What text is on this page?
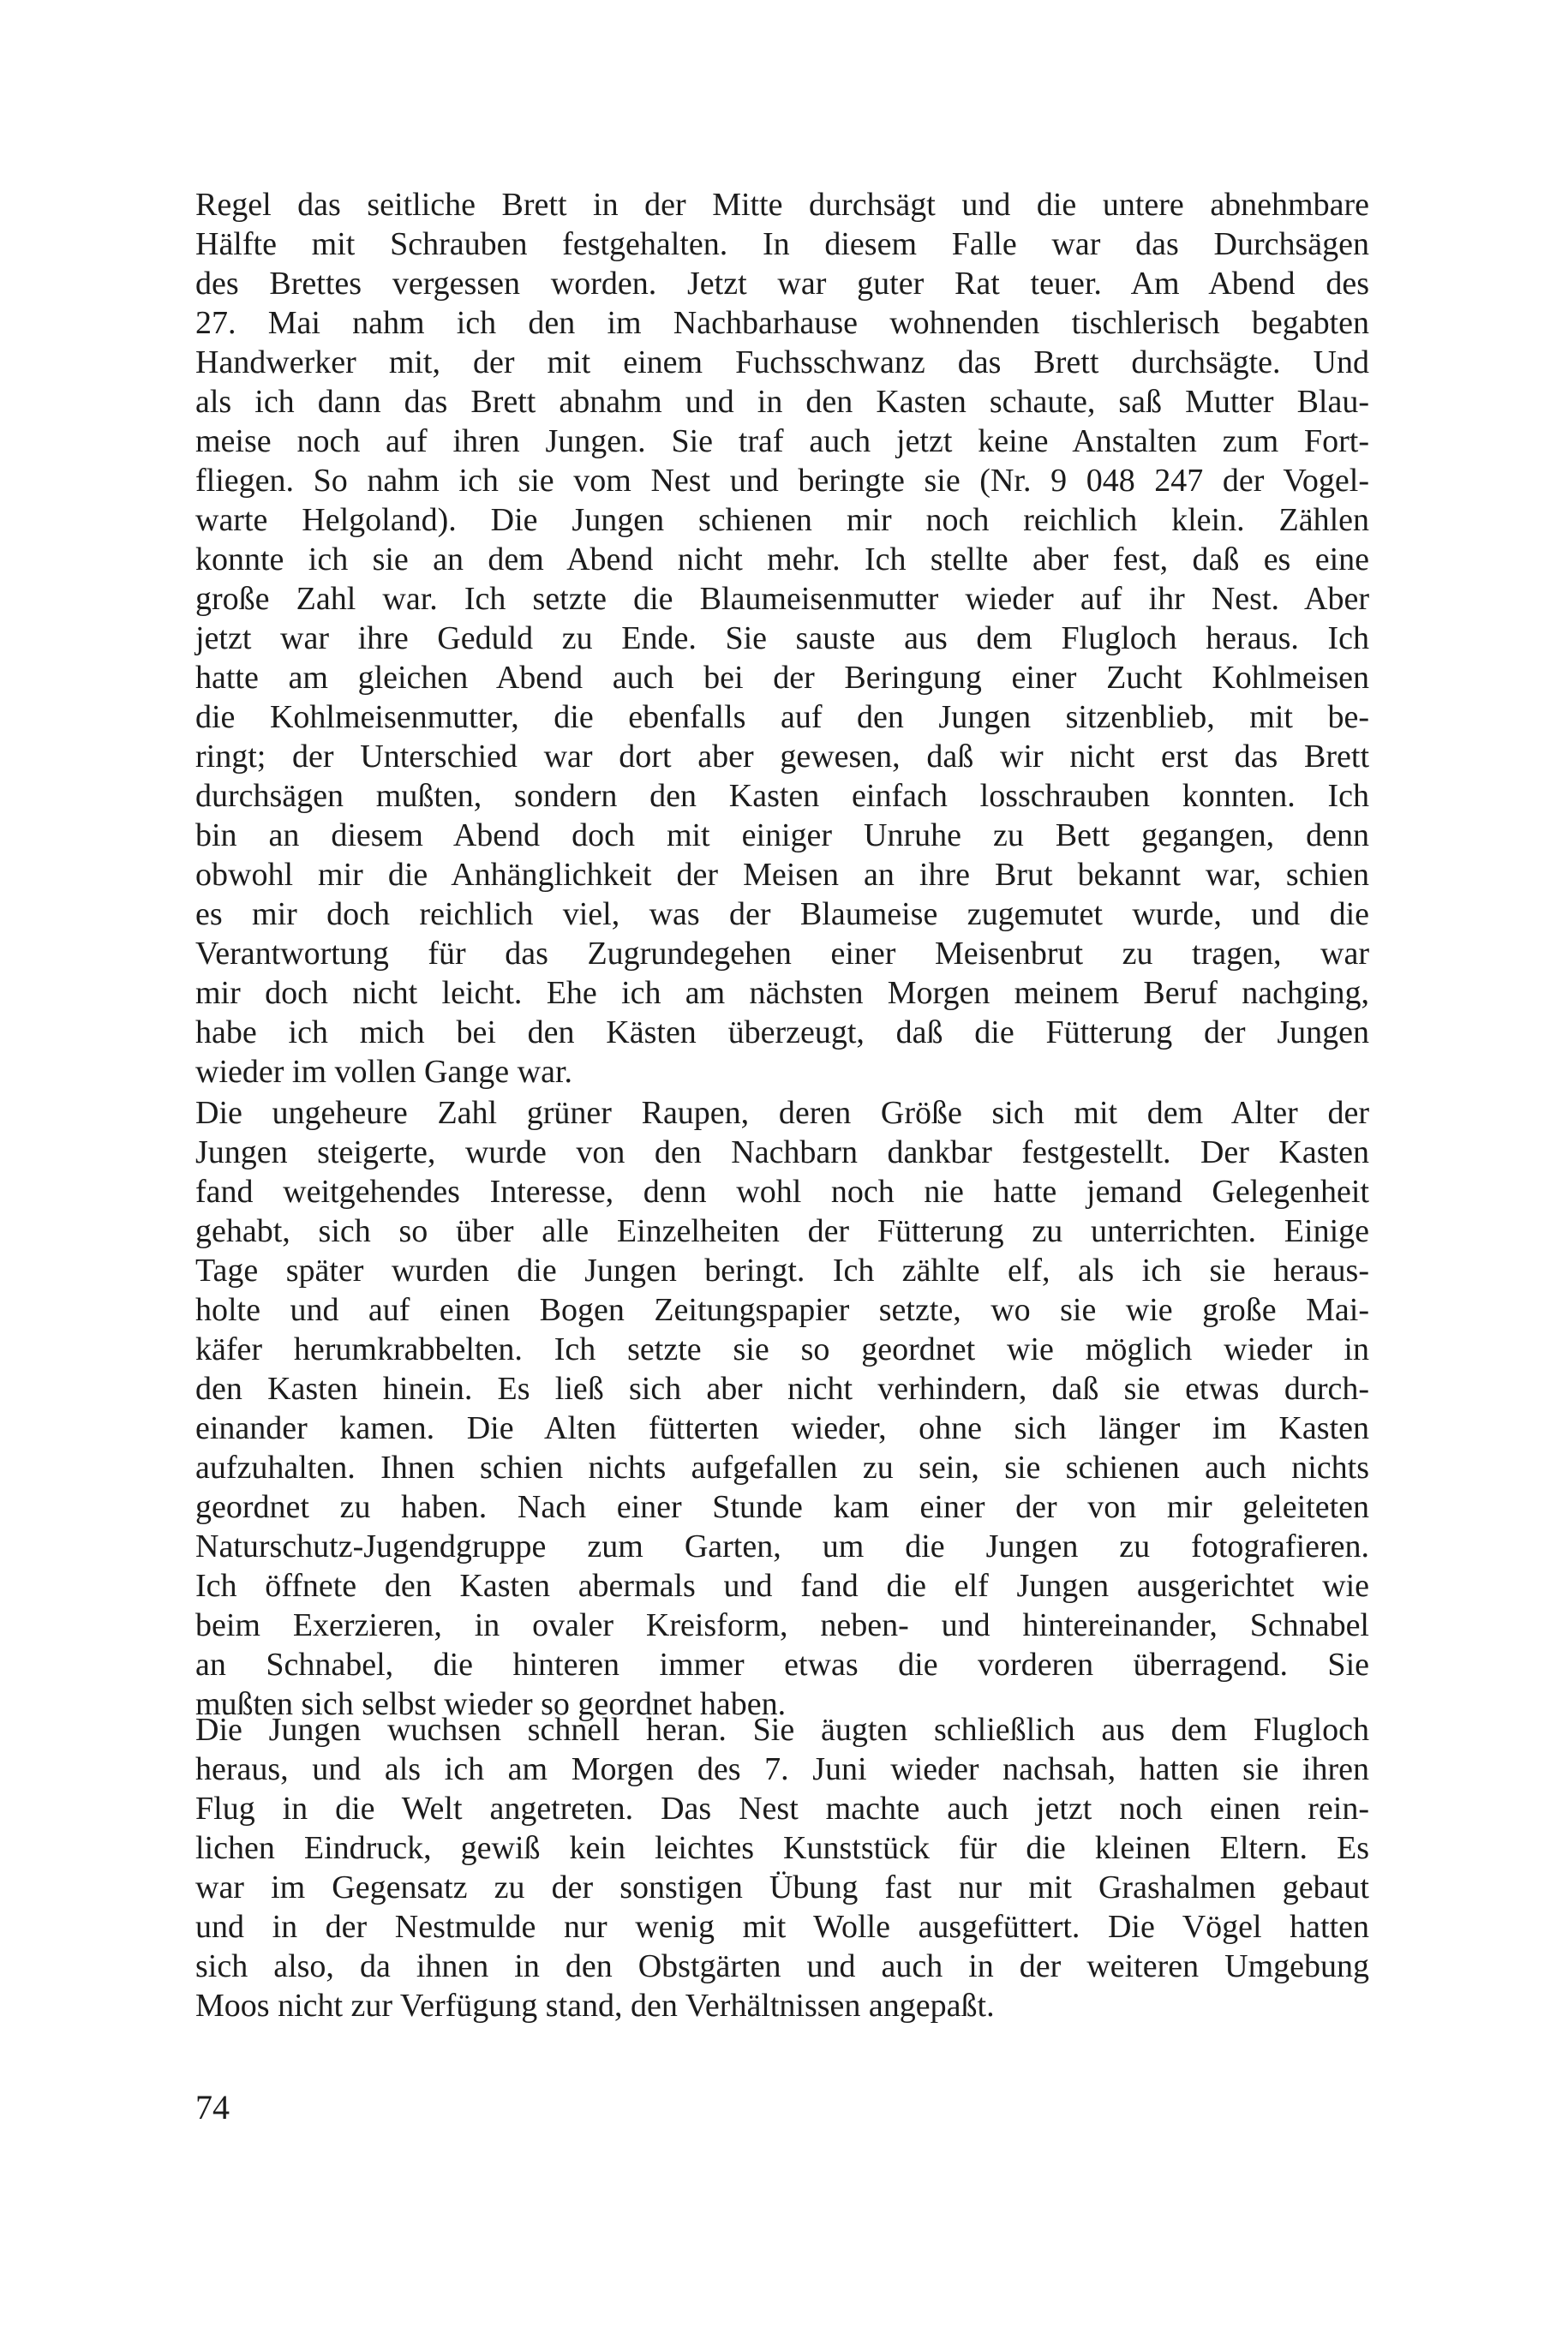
Regel das seitliche Brett in der Mitte durchsägt und die untere abnehmbare
Hälfte mit Schrauben festgehalten. In diesem Falle war das Durchsägen
des Brettes vergessen worden. Jetzt war guter Rat teuer. Am Abend des
27. Mai nahm ich den im Nachbarhause wohnenden tischlerisch begabten
Handwerker mit, der mit einem Fuchsschwanz das Brett durchsägte. Und
als ich dann das Brett abnahm und in den Kasten schaute, saß Mutter Blau-
meise noch auf ihren Jungen. Sie traf auch jetzt keine Anstalten zum Fort-
fliegen. So nahm ich sie vom Nest und beringte sie (Nr. 9 048 247 der Vogel-
warte Helgoland). Die Jungen schienen mir noch reichlich klein. Zählen
konnte ich sie an dem Abend nicht mehr. Ich stellte aber fest, daß es eine
große Zahl war. Ich setzte die Blaumeisenmutter wieder auf ihr Nest. Aber
jetzt war ihre Geduld zu Ende. Sie sauste aus dem Flugloch heraus. Ich
hatte am gleichen Abend auch bei der Beringung einer Zucht Kohlmeisen
die Kohlmeisenmutter, die ebenfalls auf den Jungen sitzenblieb, mit be-
ringt; der Unterschied war dort aber gewesen, daß wir nicht erst das Brett
durchsägen mußten, sondern den Kasten einfach losschrauben konnten. Ich
bin an diesem Abend doch mit einiger Unruhe zu Bett gegangen, denn
obwohl mir die Anhänglichkeit der Meisen an ihre Brut bekannt war, schien
es mir doch reichlich viel, was der Blaumeise zugemutet wurde, und die
Verantwortung für das Zugrundegehen einer Meisenbrut zu tragen, war
mir doch nicht leicht. Ehe ich am nächsten Morgen meinem Beruf nachging,
habe ich mich bei den Kästen überzeugt, daß die Fütterung der Jungen
wieder im vollen Gange war.
Die ungeheure Zahl grüner Raupen, deren Größe sich mit dem Alter der
Jungen steigerte, wurde von den Nachbarn dankbar festgestellt. Der Kasten
fand weitgehendes Interesse, denn wohl noch nie hatte jemand Gelegenheit
gehabt, sich so über alle Einzelheiten der Fütterung zu unterrichten. Einige
Tage später wurden die Jungen beringt. Ich zählte elf, als ich sie heraus-
holte und auf einen Bogen Zeitungspapier setzte, wo sie wie große Mai-
käfer herumkrabbelten. Ich setzte sie so geordnet wie möglich wieder in
den Kasten hinein. Es ließ sich aber nicht verhindern, daß sie etwas durch-
einander kamen. Die Alten fütterten wieder, ohne sich länger im Kasten
aufzuhalten. Ihnen schien nichts aufgefallen zu sein, sie schienen auch nichts
geordnet zu haben. Nach einer Stunde kam einer der von mir geleiteten
Naturschutz-Jugendgruppe zum Garten, um die Jungen zu fotografieren.
Ich öffnete den Kasten abermals und fand die elf Jungen ausgerichtet wie
beim Exerzieren, in ovaler Kreisform, neben- und hintereinander, Schnabel
an Schnabel, die hinteren immer etwas die vorderen überragend. Sie
mußten sich selbst wieder so geordnet haben.
Die Jungen wuchsen schnell heran. Sie äugten schließlich aus dem Flugloch
heraus, und als ich am Morgen des 7. Juni wieder nachsah, hatten sie ihren
Flug in die Welt angetreten. Das Nest machte auch jetzt noch einen rein-
lichen Eindruck, gewiß kein leichtes Kunststück für die kleinen Eltern. Es
war im Gegensatz zu der sonstigen Übung fast nur mit Grashalmen gebaut
und in der Nestmulde nur wenig mit Wolle ausgefüttert. Die Vögel hatten
sich also, da ihnen in den Obstgärten und auch in der weiteren Umgebung
Moos nicht zur Verfügung stand, den Verhältnissen angepaßt.
74
